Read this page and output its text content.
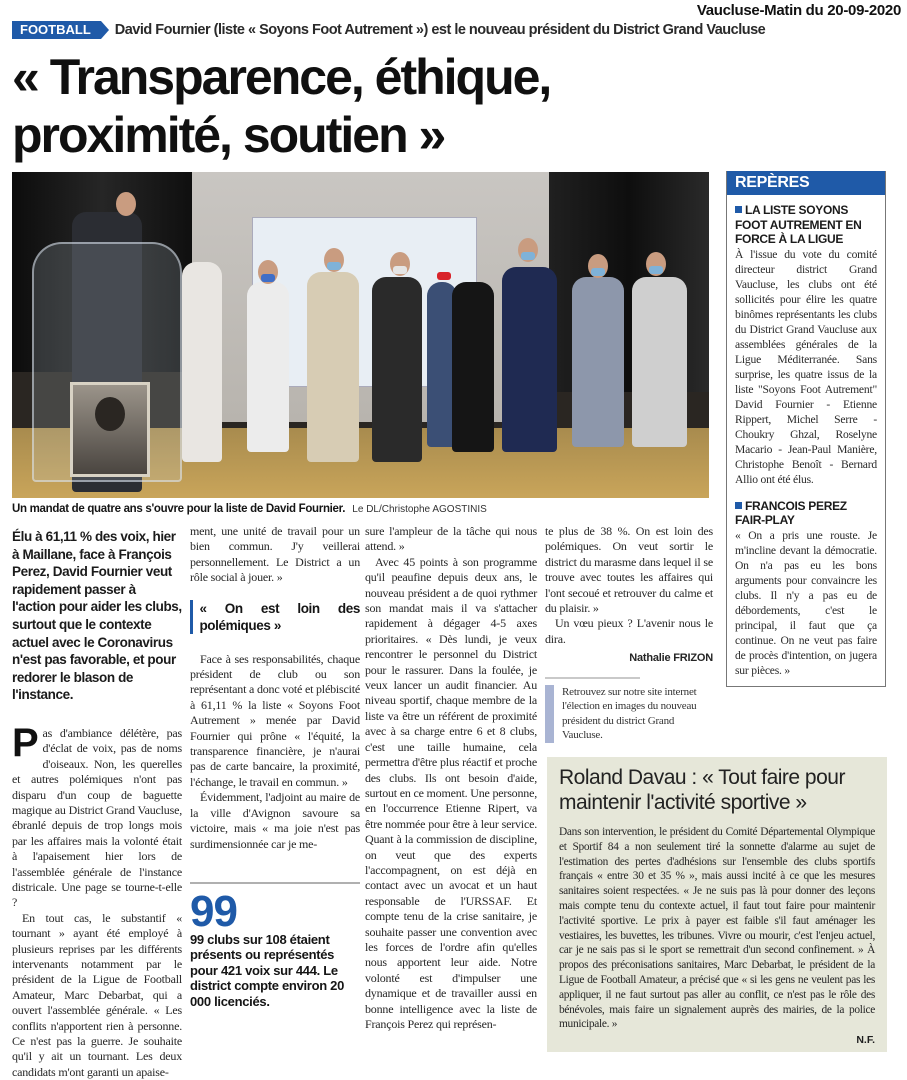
Vaucluse-Matin du 20-09-2020
FOOTBALL	David Fournier (liste « Soyons Foot Autrement ») est le nouveau président du District Grand Vaucluse
« Transparence, éthique, proximité, soutien »
Un mandat de quatre ans s'ouvre pour la liste de David Fournier. Le DL/Christophe AGOSTINIS
Élu à 61,11 % des voix, hier à Maillane, face à François Perez, David Fournier veut rapidement passer à l'action pour aider les clubs, surtout que le contexte actuel avec le Coronavirus n'est pas favorable, et pour redorer le blason de l'instance.

Pas d'ambiance délétère, pas d'éclat de voix, pas de noms d'oiseaux. Non, les querelles et autres polémiques n'ont pas disparu d'un coup de baguette magique au District Grand Vaucluse, ébranlé depuis de trop longs mois par les affaires mais la volonté était à l'apaisement hier lors de l'assemblée générale de l'instance districale. Une page se tourne-t-elle ?

En tout cas, le substantif « tournant » ayant été employé à plusieurs reprises par les différents intervenants notamment par le président de la Ligue de Football Amateur, Marc Debarbat, qui a ouvert l'assemblée générale. « Les conflits n'apportent rien à personne. Ce n'est pas la guerre. Je souhaite qu'il y ait un tournant. Les deux candidats m'ont garanti un apaise-

ment, une unité de travail pour un bien commun. J'y veillerai personnellement. Le District a un rôle social à jouer. »

« On est loin des polémiques »

Face à ses responsabilités, chaque président de club ou son représentant a donc voté et plébiscité à 61,11 % la liste « Soyons Foot Autrement » menée par David Fournier qui prône « l'équité, la transparence financière, je n'aurai pas de carte bancaire, la proximité, l'échange, le travail en commun. »

Évidemment, l'adjoint au maire de la ville d'Avignon savoure sa victoire, mais « ma joie n'est pas surdimensionnée car je me-

99
99 clubs sur 108 étaient présents ou représentés pour 421 voix sur 444. Le district compte environ 20 000 licenciés.

sure l'ampleur de la tâche qui nous attend. »

Avec 45 points à son programme qu'il peaufine depuis deux ans, le nouveau président a de quoi rythmer son mandat mais il va s'attacher rapidement à dégager 4-5 axes prioritaires. « Dès lundi, je veux rencontrer le personnel du District pour le rassurer. Dans la foulée, je veux lancer un audit financier. Au niveau sportif, chaque membre de la liste va être un référent de proximité avec à sa charge entre 6 et 8 clubs, c'est une taille humaine, cela permettra d'être plus réactif et proche des clubs. Ils ont besoin d'aide, surtout en ce moment. Une personne, en l'occurrence Etienne Ripert, va être nommée pour être à leur service. Quant à la commission de discipline, on veut que des experts l'accompagnent, on est déjà en contact avec un avocat et un haut responsable de l'URSSAF. Et compte tenu de la crise sanitaire, je souhaite passer une convention avec les forces de l'ordre afin qu'elles nous apportent leur aide. Notre volonté est d'impulser une dynamique et de travailler aussi en bonne intelligence avec la liste de François Perez qui représen-

te plus de 38 %. On est loin des polémiques. On veut sortir le district du marasme dans lequel il se trouve avec toutes les affaires qui l'ont secoué et retrouver du calme et du plaisir. »

Un vœu pieux ? L'avenir nous le dira.

Nathalie FRIZON
Retrouvez sur notre site internet l'élection en images du nouveau président du district Grand Vaucluse.
REPÈRES
LA LISTE SOYONS FOOT AUTREMENT EN FORCE À LA LIGUE
À l'issue du vote du comité directeur district Grand Vaucluse, les clubs ont été sollicités pour élire les quatre binômes représentants les clubs du District Grand Vaucluse aux assemblées générales de la Ligue Méditerranée. Sans surprise, les quatre issus de la liste "Soyons Foot Autrement" David Fournier - Etienne Rippert, Michel Serre - Choukry Ghzal, Roselyne Macario - Jean-Paul Manière, Christophe Benoît - Bernard Allio ont été élus.
FRANCOIS PEREZ FAIR-PLAY
« On a pris une rouste. Je m'incline devant la démocratie. On n'a pas eu les bons arguments pour convaincre les clubs. Il n'y a pas eu de débordements, c'est le principal, il faut que ça continue. On ne veut pas faire de procès d'intention, on jugera sur pièces. »
Roland Davau : « Tout faire pour maintenir l'activité sportive »
Dans son intervention, le président du Comité Départemental Olympique et Sportif 84 a non seulement tiré la sonnette d'alarme au sujet de l'estimation des pertes d'adhésions sur l'ensemble des clubs sportifs français « entre 30 et 35 % », mais aussi incité à ce que les mesures sanitaires soient respectées. « Je ne suis pas là pour donner des leçons mais compte tenu du contexte actuel, il faut tout faire pour maintenir l'activité sportive. Le prix à payer est faible s'il faut aménager les vestiaires, les buvettes, les tribunes. Vivre ou mourir, c'est l'enjeu actuel, car je ne sais pas si le sport se remettrait d'un second confinement. » À propos des préconisations sanitaires, Marc Debarbat, le président de la Ligue de Football Amateur, a précisé que « si les gens ne veulent pas les appliquer, il ne faut surtout pas aller au conflit, ce n'est pas le rôle des bénévoles, mais faire un signalement auprès des mairies, de la police municipale. »
N.F.
